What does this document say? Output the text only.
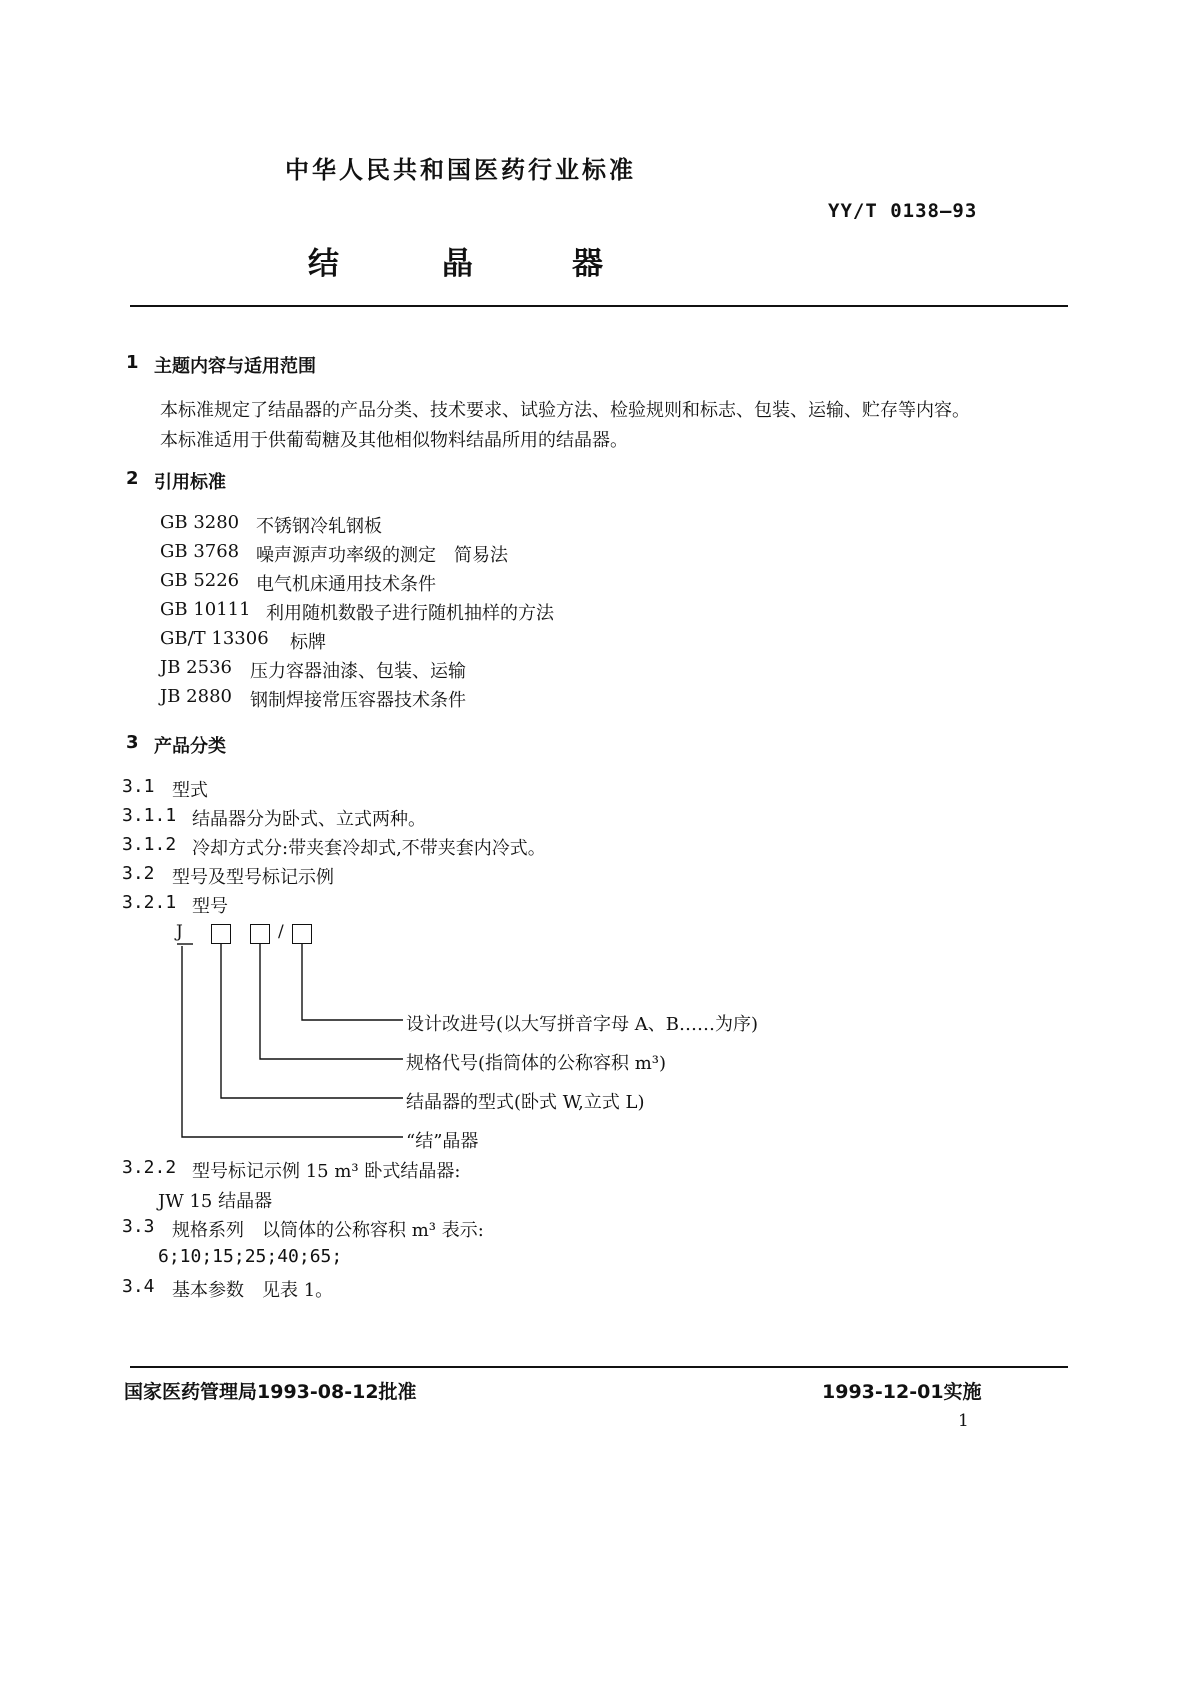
中华人民共和国医药行业标准
YY/T 0138—93
结	晶	器
1 主题内容与适用范围
本标准规定了结晶器的产品分类、技术要求、试验方法、检验规则和标志、包装、运输、贮存等内容。
本标准适用于供葡萄糖及其他相似物料结晶所用的结晶器。
2 引用标准
GB 3280 不锈钢冷轧钢板
GB 3768 噪声源声功率级的测定　简易法
GB 5226 电气机床通用技术条件
GB 10111 利用随机数骰子进行随机抽样的方法
GB/T 13306 标牌
JB 2536 压力容器油漆、包装、运输
JB 2880 钢制焊接常压容器技术条件
3 产品分类
3.1 型式
3.1.1 结晶器分为卧式、立式两种。
3.1.2 冷却方式分:带夹套冷却式,不带夹套内冷式。
3.2 型号及型号标记示例
3.2.1 型号
J	/
设计改进号(以大写拼音字母 A、B……为序)
规格代号(指筒体的公称容积 m³)
结晶器的型式(卧式 W,立式 L)
“结”晶器
3.2.2 型号标记示例 15 m³ 卧式结晶器:
JW 15 结晶器
3.3 规格系列　以筒体的公称容积 m³ 表示:
6;10;15;25;40;65;
3.4 基本参数　见表 1。
国家医药管理局1993-08-12批准	1993-12-01实施
1
